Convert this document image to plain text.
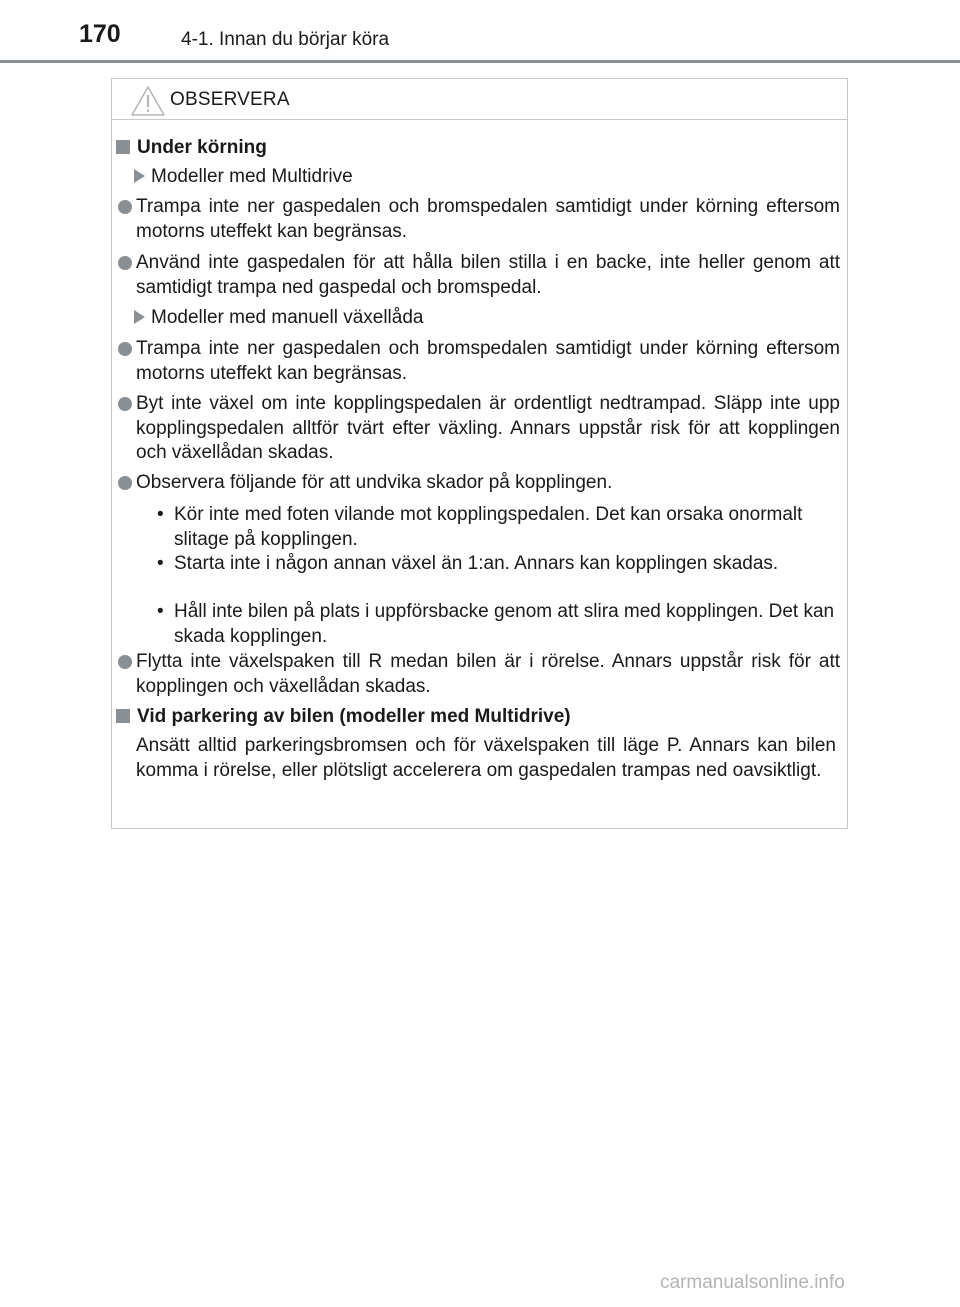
170	4-1. Innan du börjar köra
OBSERVERA
Under körning
Modeller med Multidrive
Trampa inte ner gaspedalen och bromspedalen samtidigt under körning eftersom motorns uteffekt kan begränsas.
Använd inte gaspedalen för att hålla bilen stilla i en backe, inte heller genom att samtidigt trampa ned gaspedal och bromspedal.
Modeller med manuell växellåda
Trampa inte ner gaspedalen och bromspedalen samtidigt under körning eftersom motorns uteffekt kan begränsas.
Byt inte växel om inte kopplingspedalen är ordentligt nedtrampad. Släpp inte upp kopplingspedalen alltför tvärt efter växling. Annars uppstår risk för att kopplingen och växellådan skadas.
Observera följande för att undvika skador på kopplingen.
• Kör inte med foten vilande mot kopplingspedalen. Det kan orsaka onormalt slitage på kopplingen.
• Starta inte i någon annan växel än 1:an. Annars kan kopplingen skadas.
• Håll inte bilen på plats i uppförsbacke genom att slira med kopplingen. Det kan skada kopplingen.
Flytta inte växelspaken till R medan bilen är i rörelse. Annars uppstår risk för att kopplingen och växellådan skadas.
Vid parkering av bilen (modeller med Multidrive)
Ansätt alltid parkeringsbromsen och för växelspaken till läge P. Annars kan bilen komma i rörelse, eller plötsligt accelerera om gaspedalen trampas ned oavsiktligt.
carmanualsonline.info
